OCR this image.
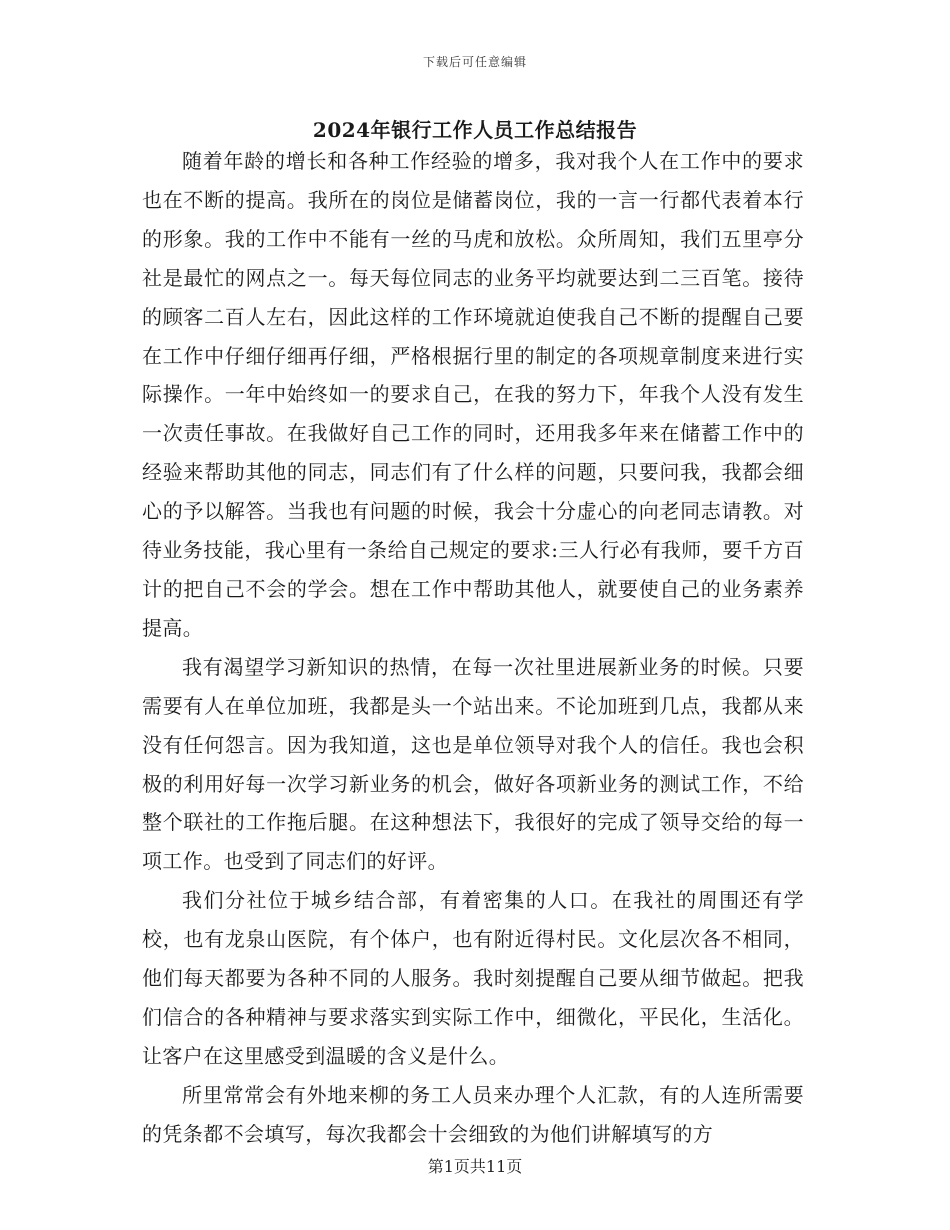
下载后可任意编辑
2024年银行工作人员工作总结报告

随着年龄的增长和各种工作经验的增多，我对我个人在工作中的要求也在不断的提高。我所在的岗位是储蓄岗位，我的一言一行都代表着本行的形象。我的工作中不能有一丝的马虎和放松。众所周知，我们五里亭分社是最忙的网点之一。每天每位同志的业务平均就要达到二三百笔。接待的顾客二百人左右，因此这样的工作环境就迫使我自己不断的提醒自己要在工作中仔细仔细再仔细，严格根据行里的制定的各项规章制度来进行实际操作。一年中始终如一的要求自己，在我的努力下，年我个人没有发生一次责任事故。在我做好自己工作的同时，还用我多年来在储蓄工作中的经验来帮助其他的同志，同志们有了什么样的问题，只要问我，我都会细心的予以解答。当我也有问题的时候，我会十分虚心的向老同志请教。对待业务技能，我心里有一条给自己规定的要求:三人行必有我师，要千方百计的把自己不会的学会。想在工作中帮助其他人，就要使自己的业务素养提高。

我有渴望学习新知识的热情，在每一次社里进展新业务的时候。只要需要有人在单位加班，我都是头一个站出来。不论加班到几点，我都从来没有任何怨言。因为我知道，这也是单位领导对我个人的信任。我也会积极的利用好每一次学习新业务的机会，做好各项新业务的测试工作，不给整个联社的工作拖后腿。在这种想法下，我很好的完成了领导交给的每一项工作。也受到了同志们的好评。

我们分社位于城乡结合部，有着密集的人口。在我社的周围还有学校，也有龙泉山医院，有个体户，也有附近得村民。文化层次各不相同，他们每天都要为各种不同的人服务。我时刻提醒自己要从细节做起。把我们信合的各种精神与要求落实到实际工作中，细微化，平民化，生活化。让客户在这里感受到温暖的含义是什么。

所里常常会有外地来柳的务工人员来办理个人汇款，有的人连所需要的凭条都不会填写，每次我都会十会细致的为他们讲解填写的方

第1页共11页
